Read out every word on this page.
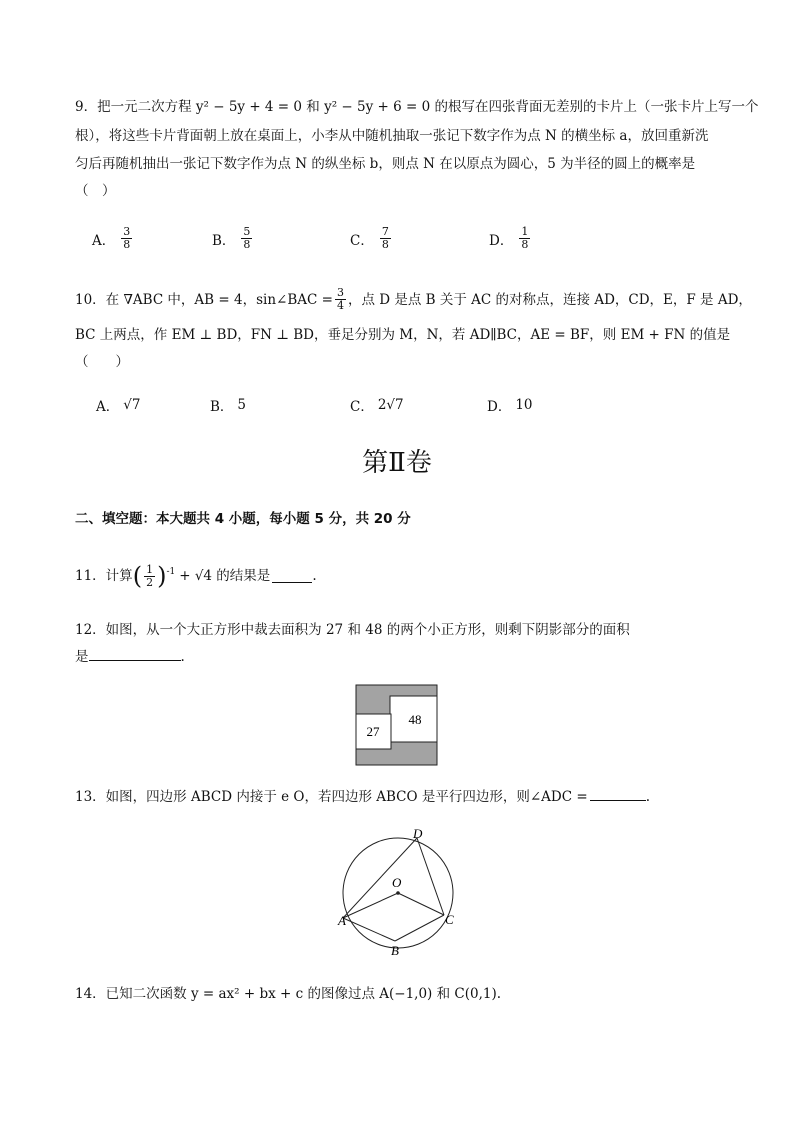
9．把一元二次方程 y² − 5y + 4 = 0 和 y² − 5y + 6 = 0 的根写在四张背面无差别的卡片上（一张卡片上写一个
根），将这些卡片背面朝上放在桌面上，小李从中随机抽取一张记下数字作为点 N 的横坐标 a，放回重新洗
匀后再随机抽出一张记下数字作为点 N 的纵坐标 b，则点 N 在以原点为圆心，5 为半径的圆上的概率是
（　）
A． $\frac{3}{8}$	B． $\frac{5}{8}$	C． $\frac{7}{8}$	D． $\frac{1}{8}$
10．在 ∇ABC 中，AB = 4，sin∠BAC = $\frac{3}{4}$ ，点 D 是点 B 关于 AC 的对称点，连接 AD，CD，E，F 是 AD，
BC 上两点，作 EM ⊥ BD，FN ⊥ BD，垂足分别为 M，N，若 AD∥BC，AE = BF，则 EM + FN 的值是
（　　）
A． √7	B． 5	C． 2√7	D． 10
第Ⅱ卷
二、填空题：本大题共 4 小题，每小题 5 分，共 20 分
11．计算 ( $\frac{1}{2} )^{-1} + √4$ 的结果是	.
12．如图，从一个大正方形中裁去面积为 27 和 48 的两个小正方形，则剩下阴影部分的面积
是	.
27
48
13．如图，四边形 ABCD 内接于 e O，若四边形 ABCO 是平行四边形，则∠ADC =	.
D
O
A	C
B
14．已知二次函数 y = ax² + bx + c 的图像过点 A(−1,0) 和 C(0,1).
